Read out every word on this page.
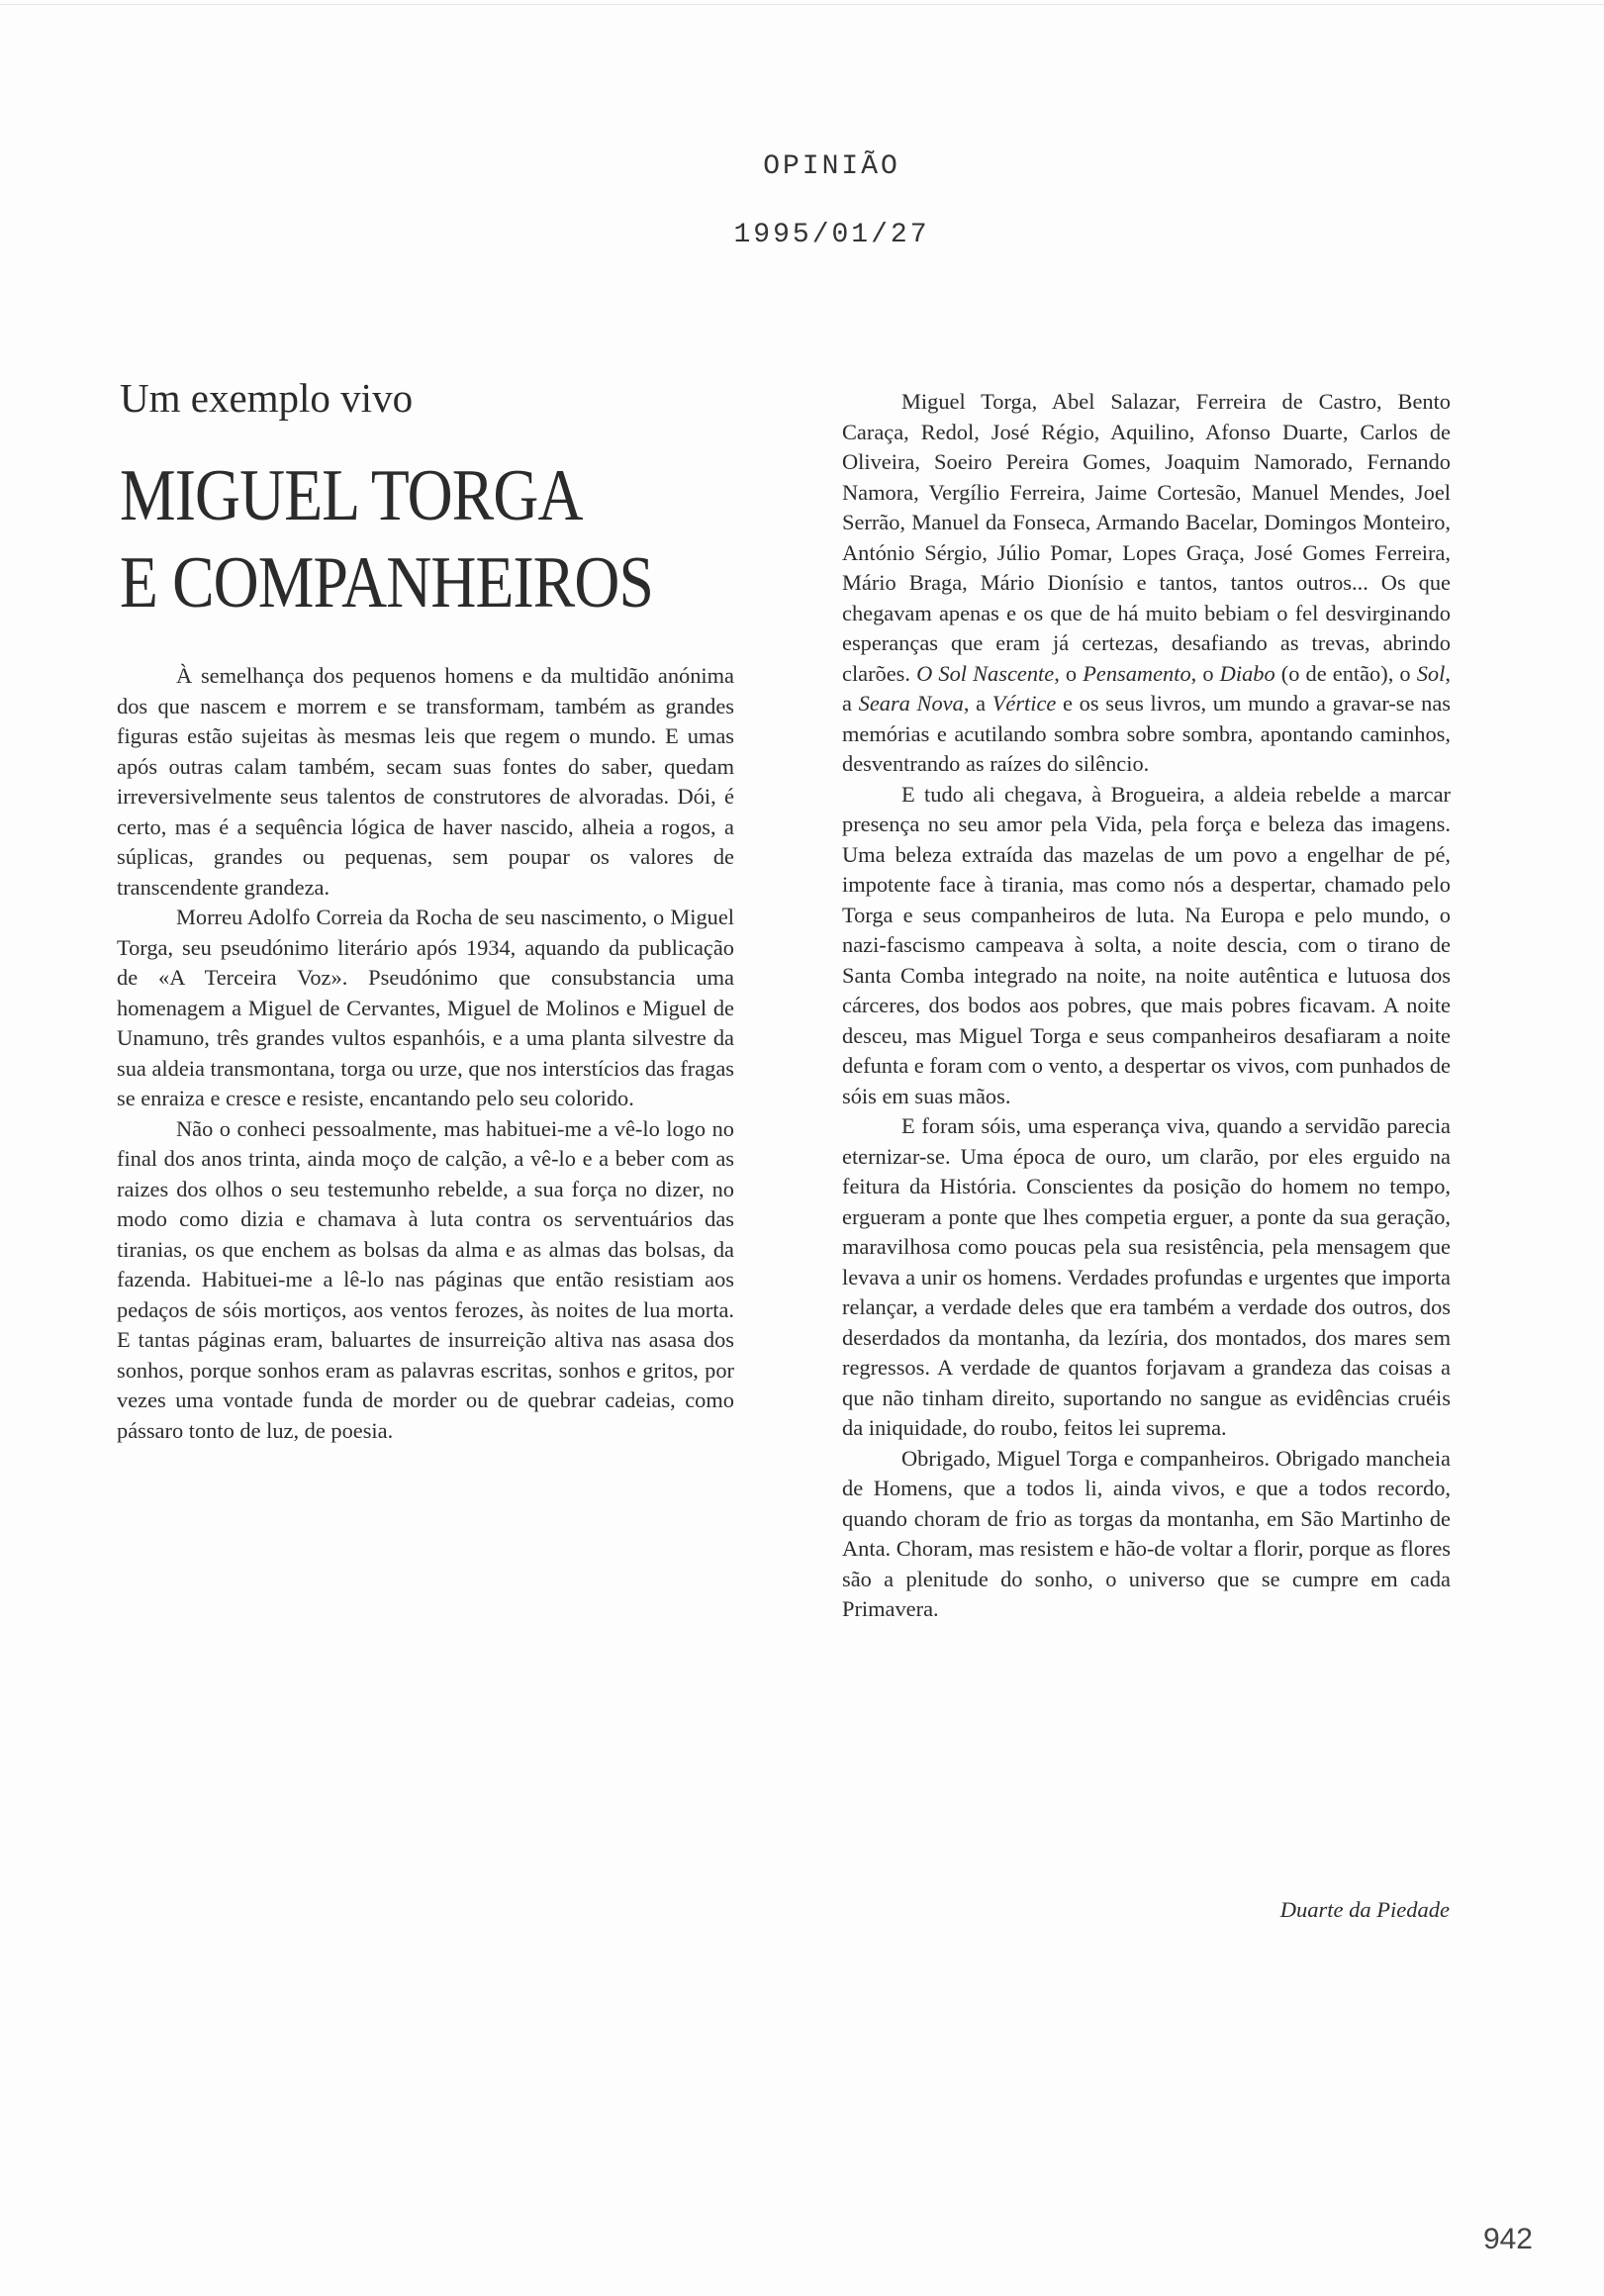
OPINIÃO
1995/01/27
Um exemplo vivo
MIGUEL TORGA
E COMPANHEIROS

À semelhança dos pequenos homens e da multidão anónima dos que nascem e morrem e se transformam, também as grandes figuras estão sujeitas às mesmas leis que regem o mundo. E umas após outras calam também, secam suas fontes do saber, quedam irreversivelmente seus talentos de construtores de alvoradas. Dói, é certo, mas é a sequência lógica de haver nascido, alheia a rogos, a súplicas, grandes ou pequenas, sem poupar os valores de transcendente grandeza.

Morreu Adolfo Correia da Rocha de seu nascimento, o Miguel Torga, seu pseudónimo literário após 1934, aquando da publicação de «A Terceira Voz». Pseudónimo que consubstancia uma homenagem a Miguel de Cervantes, Miguel de Molinos e Miguel de Unamuno, três grandes vultos espanhóis, e a uma planta silvestre da sua aldeia transmontana, torga ou urze, que nos interstícios das fragas se enraiza e cresce e resiste, encantando pelo seu colorido.

Não o conheci pessoalmente, mas habituei-me a vê-lo logo no final dos anos trinta, ainda moço de calção, a vê-lo e a beber com as raizes dos olhos o seu testemunho rebelde, a sua força no dizer, no modo como dizia e chamava à luta contra os serventuários das tiranias, os que enchem as bolsas da alma e as almas das bolsas, da fazenda. Habituei-me a lê-lo nas páginas que então resistiam aos pedaços de sóis mortiços, aos ventos ferozes, às noites de lua morta. E tantas páginas eram, baluartes de insurreição altiva nas asasa dos sonhos, porque sonhos eram as palavras escritas, sonhos e gritos, por vezes uma vontade funda de morder ou de quebrar cadeias, como pássaro tonto de luz, de poesia.

Miguel Torga, Abel Salazar, Ferreira de Castro, Bento Caraça, Redol, José Régio, Aquilino, Afonso Duarte, Carlos de Oliveira, Soeiro Pereira Gomes, Joaquim Namorado, Fernando Namora, Vergílio Ferreira, Jaime Cortesão, Manuel Mendes, Joel Serrão, Manuel da Fonseca, Armando Bacelar, Domingos Monteiro, António Sérgio, Júlio Pomar, Lopes Graça, José Gomes Ferreira, Mário Braga, Mário Dionísio e tantos, tantos outros... Os que chegavam apenas e os que de há muito bebiam o fel desvirginando esperanças que eram já certezas, desafiando as trevas, abrindo clarões. O Sol Nascente, o Pensamento, o Diabo (o de então), o Sol, a Seara Nova, a Vértice e os seus livros, um mundo a gravar-se nas memórias e acutilando sombra sobre sombra, apontando caminhos, desventrando as raízes do silêncio.

E tudo ali chegava, à Brogueira, a aldeia rebelde a marcar presença no seu amor pela Vida, pela força e beleza das imagens. Uma beleza extraída das mazelas de um povo a engelhar de pé, impotente face à tirania, mas como nós a despertar, chamado pelo Torga e seus companheiros de luta. Na Europa e pelo mundo, o nazi-fascismo campeava à solta, a noite descia, com o tirano de Santa Comba integrado na noite, na noite autêntica e lutuosa dos cárceres, dos bodos aos pobres, que mais pobres ficavam. A noite desceu, mas Miguel Torga e seus companheiros desafiaram a noite defunta e foram com o vento, a despertar os vivos, com punhados de sóis em suas mãos.

E foram sóis, uma esperança viva, quando a servidão parecia eternizar-se. Uma época de ouro, um clarão, por eles erguido na feitura da História. Conscientes da posição do homem no tempo, ergueram a ponte que lhes competia erguer, a ponte da sua geração, maravilhosa como poucas pela sua resistência, pela mensagem que levava a unir os homens. Verdades profundas e urgentes que importa relançar, a verdade deles que era também a verdade dos outros, dos deserdados da montanha, da lezíria, dos montados, dos mares sem regressos. A verdade de quantos forjavam a grandeza das coisas a que não tinham direito, suportando no sangue as evidências cruéis da iniquidade, do roubo, feitos lei suprema.

Obrigado, Miguel Torga e companheiros. Obrigado mancheia de Homens, que a todos li, ainda vivos, e que a todos recordo, quando choram de frio as torgas da montanha, em São Martinho de Anta. Choram, mas resistem e hão-de voltar a florir, porque as flores são a plenitude do sonho, o universo que se cumpre em cada Primavera.

Duarte da Piedade
942
